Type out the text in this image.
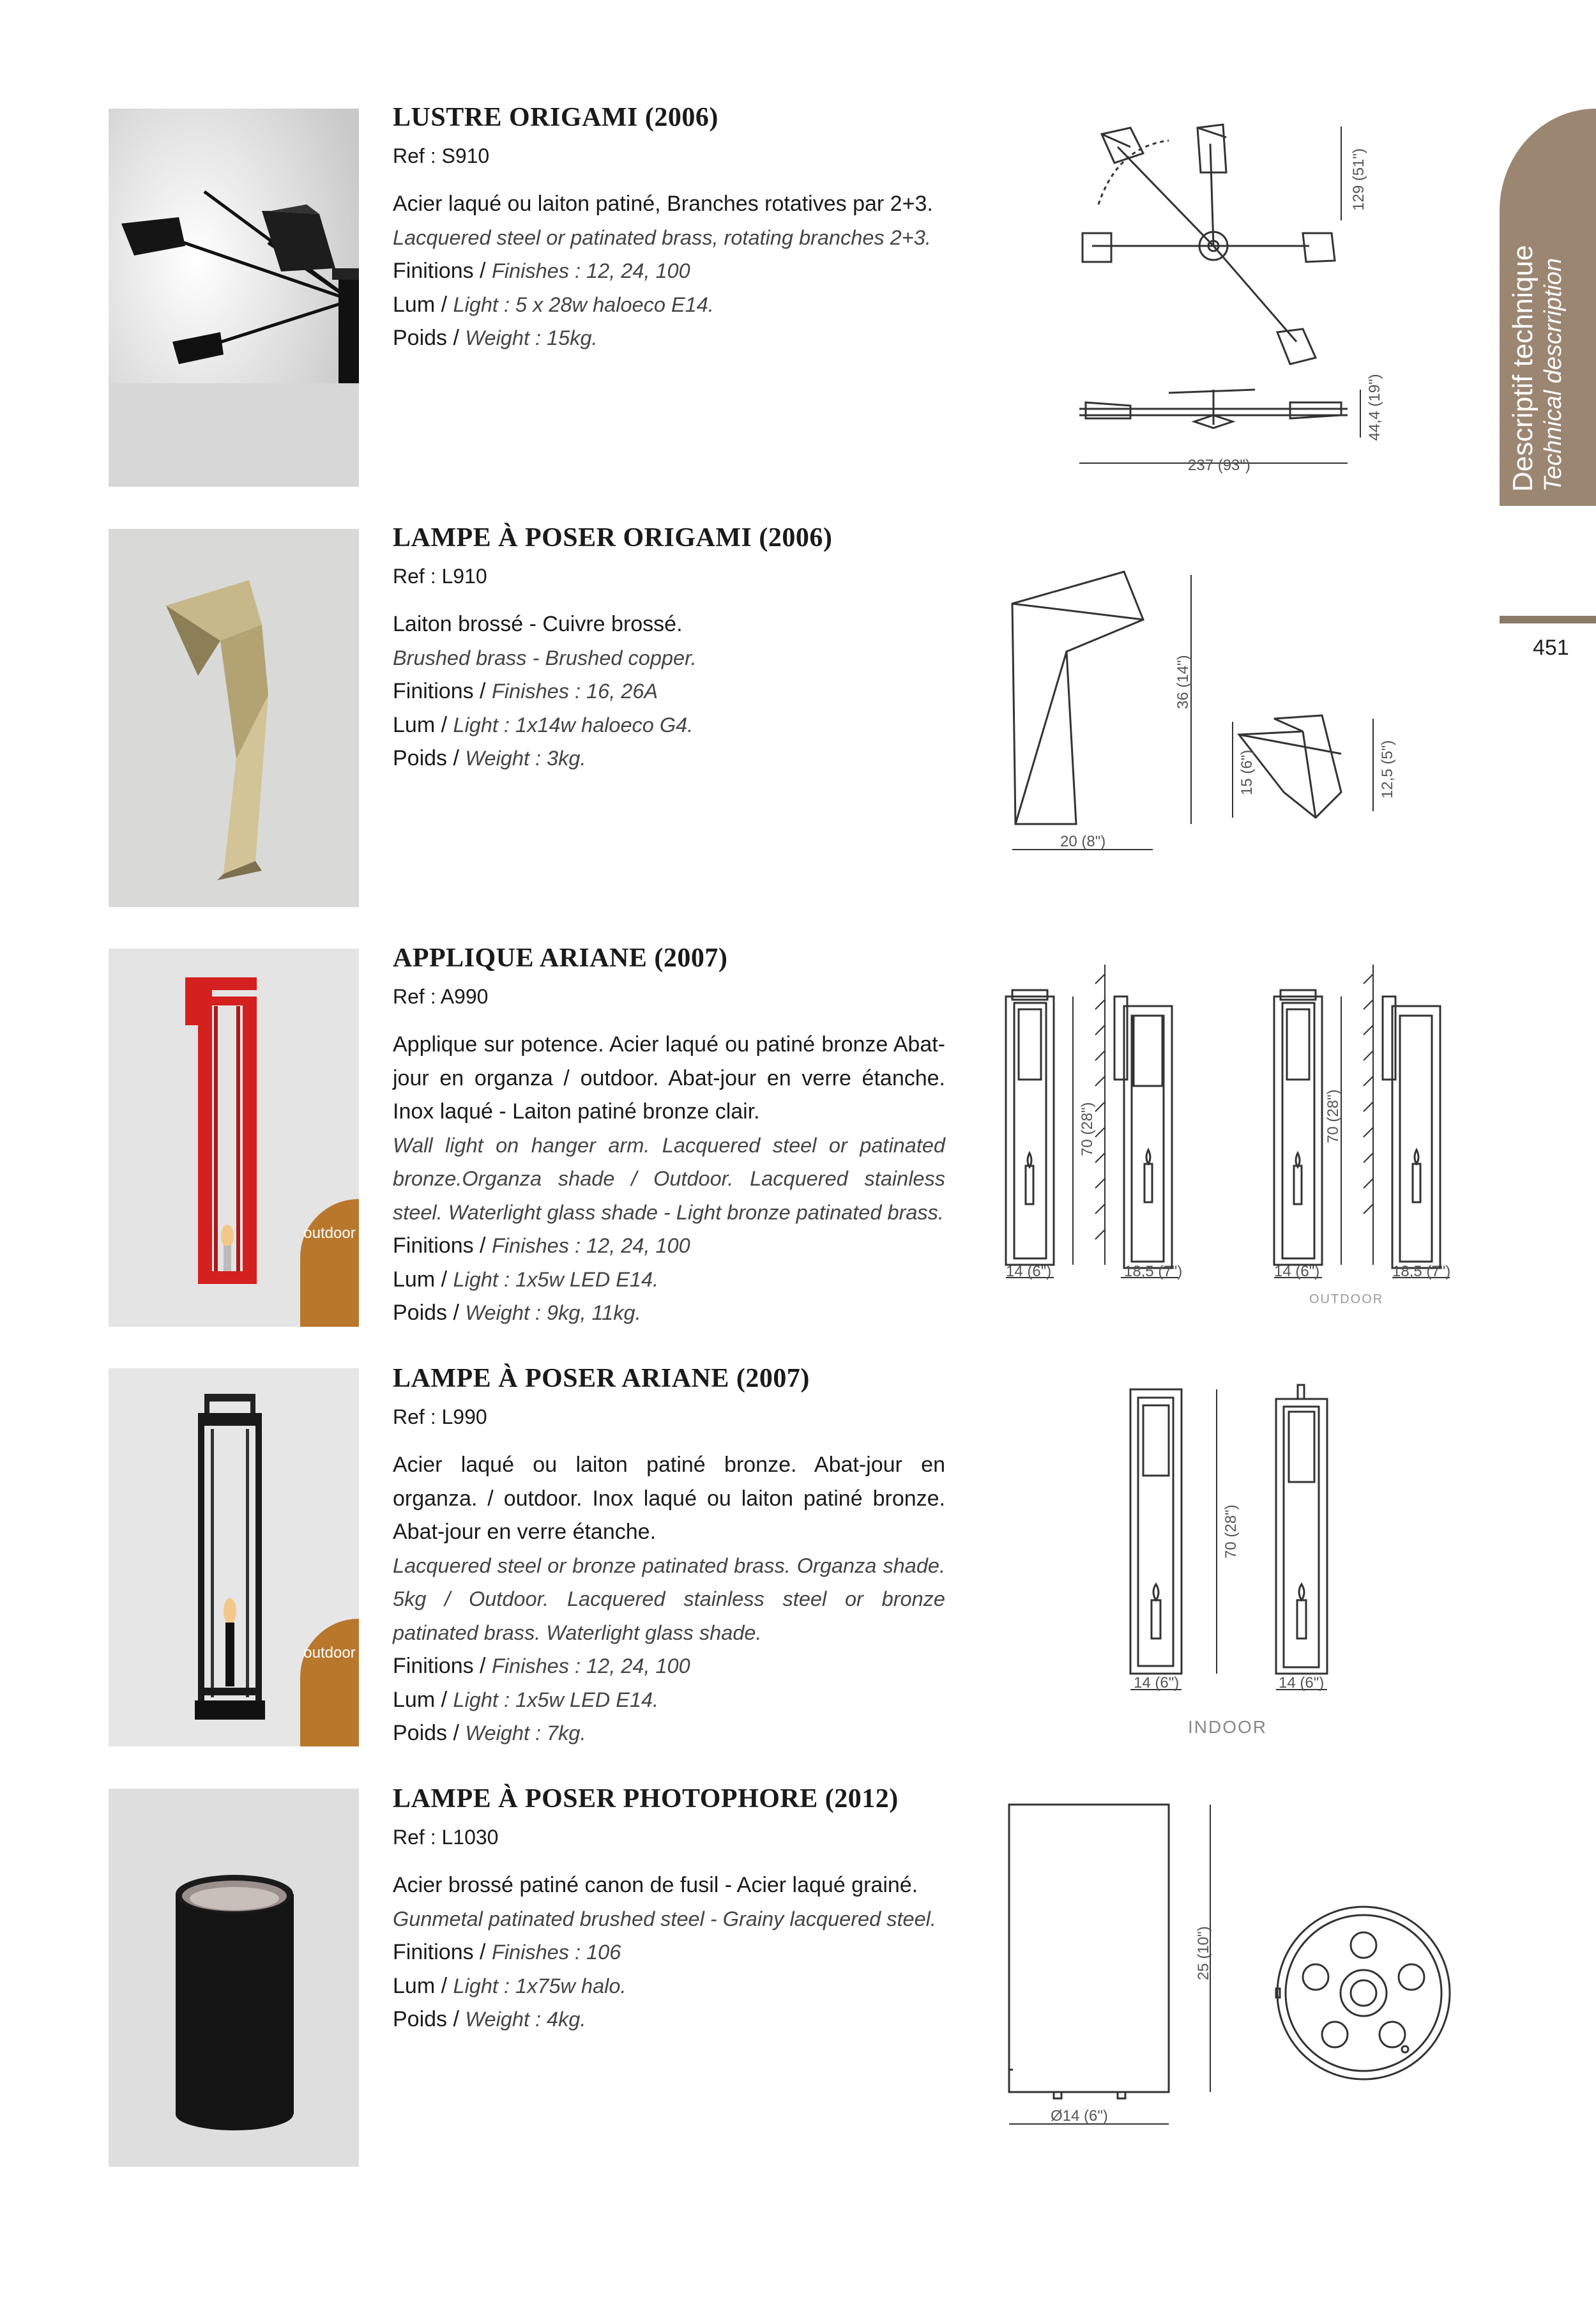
Descriptif technique Technical descrription
451
LUSTRE ORIGAMI (2006)
Ref : S910
Acier laqué ou laiton patiné, Branches rotatives par 2+3.
Lacquered steel or patinated brass, rotating branches 2+3.
Finitions / Finishes : 12, 24, 100
Lum / Light : 5 x 28w haloeco E14.
Poids / Weight : 15kg.
129 (51")
44,4 (19")
237 (93")
LAMPE À POSER ORIGAMI (2006)
Ref : L910
Laiton brossé - Cuivre brossé.
Brushed brass - Brushed copper.
Finitions / Finishes : 16, 26A
Lum / Light : 1x14w haloeco G4.
Poids / Weight : 3kg.
36 (14")
15 (6")	12,5 (5")
20 (8")
outdoor
APPLIQUE ARIANE (2007)
Ref : A990
Applique sur potence. Acier laqué ou patiné bronze Abat-jour en organza / outdoor. Abat-jour en verre étanche. Inox laqué - Laiton patiné bronze clair.
Wall light on hanger arm. Lacquered steel or patinated bronze.Organza shade / Outdoor. Lacquered stainless steel. Waterlight glass shade - Light bronze patinated brass.
Finitions / Finishes : 12, 24, 100
Lum / Light : 1x5w LED E14.
Poids / Weight : 9kg, 11kg.
70 (28")
14 (6")	18,5 (7")
70 (28")
14 (6")	18,5 (7")
OUTDOOR
outdoor
LAMPE À POSER ARIANE (2007)
Ref : L990
Acier laqué ou laiton patiné bronze. Abat-jour en organza. / outdoor. Inox laqué ou laiton patiné bronze. Abat-jour en verre étanche.
Lacquered steel or bronze patinated brass. Organza shade. 5kg / Outdoor. Lacquered stainless steel or bronze patinated brass. Waterlight glass shade.
Finitions / Finishes : 12, 24, 100
Lum / Light : 1x5w LED E14.
Poids / Weight : 7kg.
70 (28")
14 (6")	14 (6")
INDOOR
LAMPE À POSER PHOTOPHORE (2012)
Ref : L1030
Acier brossé patiné canon de fusil - Acier laqué grainé.
Gunmetal patinated brushed steel - Grainy lacquered steel.
Finitions / Finishes : 106
Lum / Light : 1x75w halo.
Poids / Weight : 4kg.
25 (10")
Ø14 (6")
